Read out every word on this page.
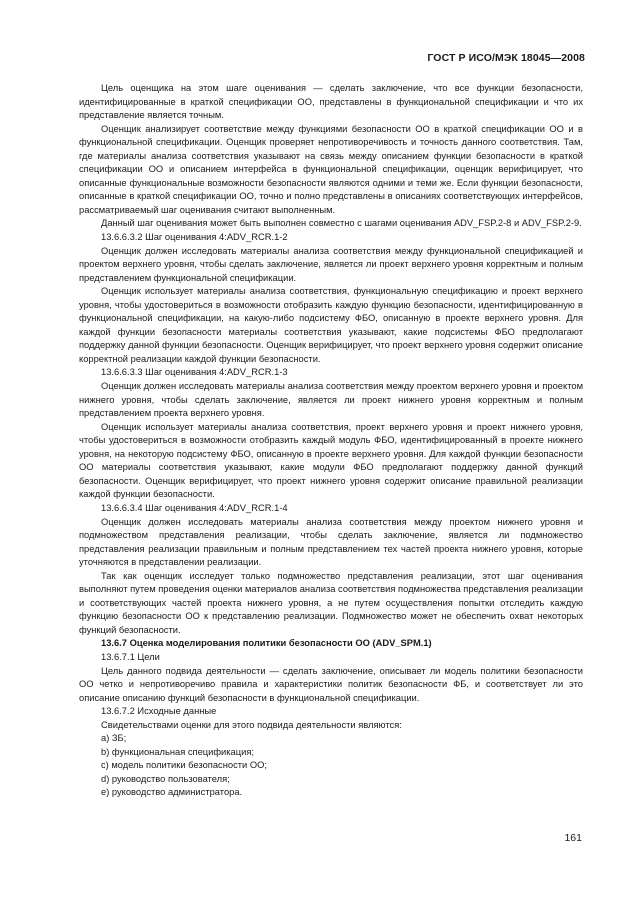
ГОСТ Р ИСО/МЭК 18045—2008

Цель оценщика на этом шаге оценивания — сделать заключение, что все функции безопасности, идентифицированные в краткой спецификации ОО, представлены в функциональной спецификации и что их представление является точным.

Оценщик анализирует соответствие между функциями безопасности ОО в краткой спецификации ОО и в функциональной спецификации. Оценщик проверяет непротиворечивость и точность данного соответствия. Там, где материалы анализа соответствия указывают на связь между описанием функции безопасности в краткой спецификации ОО и описанием интерфейса в функциональной спецификации, оценщик верифицирует, что описанные функциональные возможности безопасности являются одними и теми же. Если функции безопасности, описанные в краткой спецификации ОО, точно и полно представлены в описаниях соответствующих интерфейсов, рассматриваемый шаг оценивания считают выполненным.

Данный шаг оценивания может быть выполнен совместно с шагами оценивания ADV_FSP.2-8 и ADV_FSP.2-9.

13.6.6.3.2 Шаг оценивания 4:ADV_RCR.1-2

Оценщик должен исследовать материалы анализа соответствия между функциональной спецификацией и проектом верхнего уровня, чтобы сделать заключение, является ли проект верхнего уровня корректным и полным представлением функциональной спецификации.

Оценщик использует материалы анализа соответствия, функциональную спецификацию и проект верхнего уровня, чтобы удостовериться в возможности отобразить каждую функцию безопасности, идентифицированную в функциональной спецификации, на какую-либо подсистему ФБО, описанную в проекте верхнего уровня. Для каждой функции безопасности материалы соответствия указывают, какие подсистемы ФБО предполагают поддержку данной функции безопасности. Оценщик верифицирует, что проект верхнего уровня содержит описание корректной реализации каждой функции безопасности.

13.6.6.3.3 Шаг оценивания 4:ADV_RCR.1-3

Оценщик должен исследовать материалы анализа соответствия между проектом верхнего уровня и проектом нижнего уровня, чтобы сделать заключение, является ли проект нижнего уровня корректным и полным представлением проекта верхнего уровня.

Оценщик использует материалы анализа соответствия, проект верхнего уровня и проект нижнего уровня, чтобы удостовериться в возможности отобразить каждый модуль ФБО, идентифицированный в проекте нижнего уровня, на некоторую подсистему ФБО, описанную в проекте верхнего уровня. Для каждой функции безопасности ОО материалы соответствия указывают, какие модули ФБО предполагают поддержку данной функций безопасности. Оценщик верифицирует, что проект нижнего уровня содержит описание правильной реализации каждой функции безопасности.

13.6.6.3.4 Шаг оценивания 4:ADV_RCR.1-4

Оценщик должен исследовать материалы анализа соответствия между проектом нижнего уровня и подмножеством представления реализации, чтобы сделать заключение, является ли подмножество представления реализации правильным и полным представлением тех частей проекта нижнего уровня, которые уточняются в представлении реализации.

Так как оценщик исследует только подмножество представления реализации, этот шаг оценивания выполняют путем проведения оценки материалов анализа соответствия подмножества представления реализации и соответствующих частей проекта нижнего уровня, а не путем осуществления попытки отследить каждую функцию безопасности ОО к представлению реализации. Подмножество может не обеспечить охват некоторых функций безопасности.

13.6.7 Оценка моделирования политики безопасности ОО (ADV_SPM.1)

13.6.7.1 Цели

Цель данного подвида деятельности — сделать заключение, описывает ли модель политики безопасности ОО четко и непротиворечиво правила и характеристики политик безопасности ФБ, и соответствует ли это описание описанию функций безопасности в функциональной спецификации.

13.6.7.2 Исходные данные

Свидетельствами оценки для этого подвида деятельности являются:

a) ЗБ;

b) функциональная спецификация;

c) модель политики безопасности ОО;

d) руководство пользователя;

e) руководство администратора.

161
